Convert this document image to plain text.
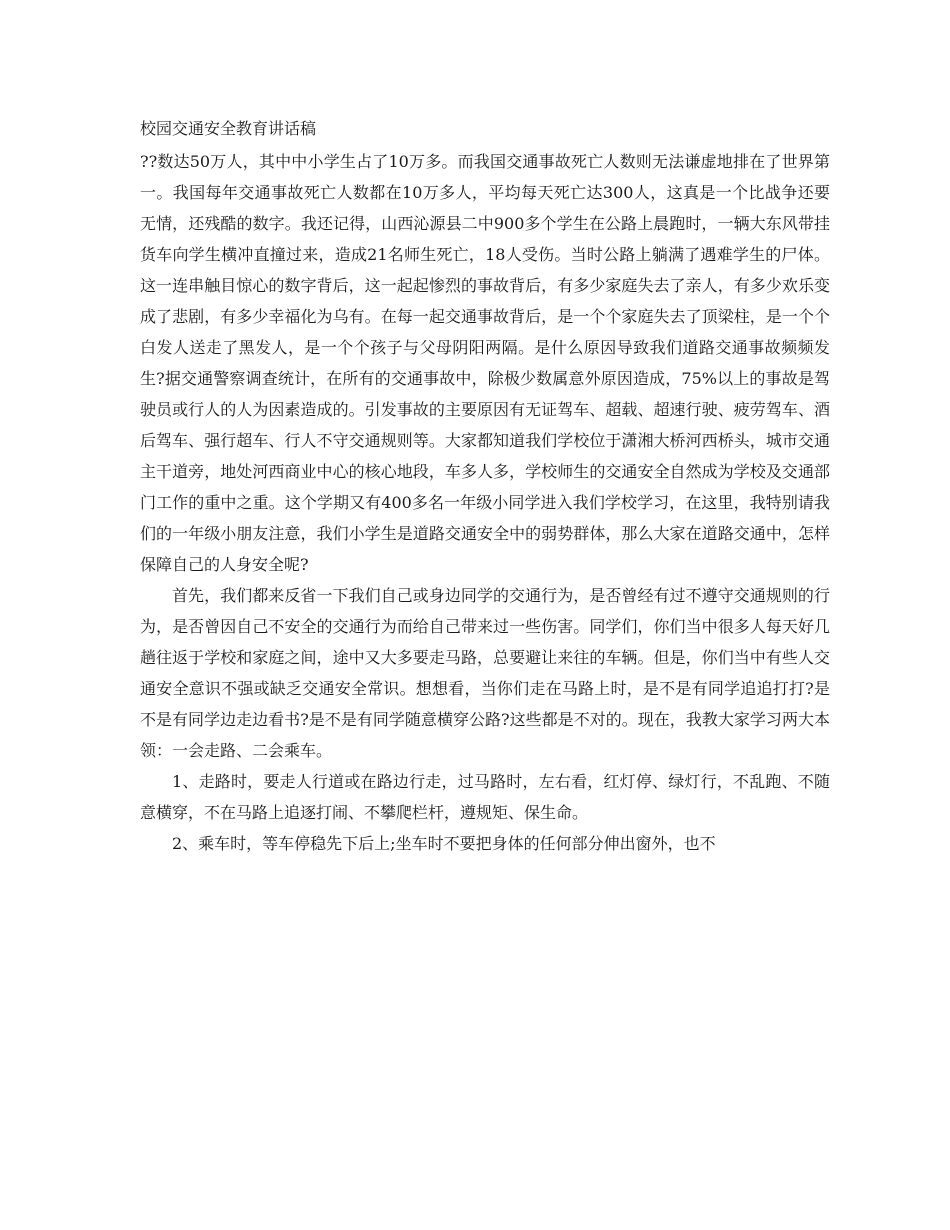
校园交通安全教育讲话稿

??数达50万人，其中中小学生占了10万多。而我国交通事故死亡人数则无法谦虚地排在了世界第一。我国每年交通事故死亡人数都在10万多人，平均每天死亡达300人，这真是一个比战争还要无情，还残酷的数字。我还记得，山西沁源县二中900多个学生在公路上晨跑时，一辆大东风带挂货车向学生横冲直撞过来，造成21名师生死亡，18人受伤。当时公路上躺满了遇难学生的尸体。这一连串触目惊心的数字背后，这一起起惨烈的事故背后，有多少家庭失去了亲人，有多少欢乐变成了悲剧，有多少幸福化为乌有。在每一起交通事故背后，是一个个家庭失去了顶梁柱，是一个个白发人送走了黑发人，是一个个孩子与父母阴阳两隔。是什么原因导致我们道路交通事故频频发生?据交通警察调查统计，在所有的交通事故中，除极少数属意外原因造成，75%以上的事故是驾驶员或行人的人为因素造成的。引发事故的主要原因有无证驾车、超载、超速行驶、疲劳驾车、酒后驾车、强行超车、行人不守交通规则等。大家都知道我们学校位于潇湘大桥河西桥头，城市交通主干道旁，地处河西商业中心的核心地段，车多人多，学校师生的交通安全自然成为学校及交通部门工作的重中之重。这个学期又有400多名一年级小同学进入我们学校学习，在这里，我特别请我们的一年级小朋友注意，我们小学生是道路交通安全中的弱势群体，那么大家在道路交通中，怎样保障自己的人身安全呢?

首先，我们都来反省一下我们自己或身边同学的交通行为，是否曾经有过不遵守交通规则的行为，是否曾因自己不安全的交通行为而给自己带来过一些伤害。同学们，你们当中很多人每天好几趟往返于学校和家庭之间，途中又大多要走马路，总要避让来往的车辆。但是，你们当中有些人交通安全意识不强或缺乏交通安全常识。想想看，当你们走在马路上时，是不是有同学追追打打?是不是有同学边走边看书?是不是有同学随意横穿公路?这些都是不对的。现在，我教大家学习两大本领：一会走路、二会乘车。

1、走路时，要走人行道或在路边行走，过马路时，左右看，红灯停、绿灯行，不乱跑、不随意横穿，不在马路上追逐打闹、不攀爬栏杆，遵规矩、保生命。

2、乘车时，等车停稳先下后上;坐车时不要把身体的任何部分伸出窗外，也不
